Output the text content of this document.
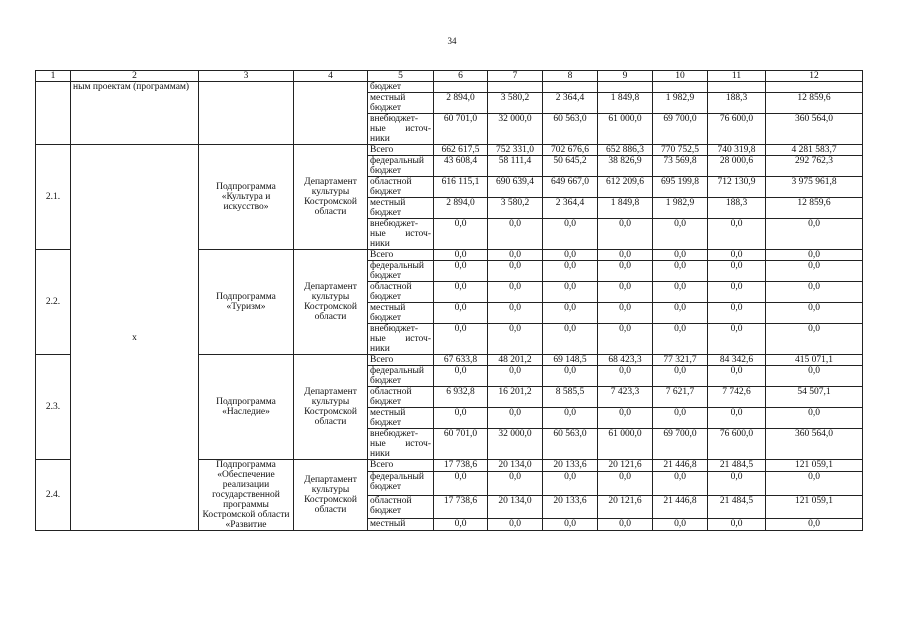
34
1	2	3	4	5	6	7	8	9	10	11	12
	ным проектам (программам)			бюджет							
				местный бюджет	2 894,0	3 580,2	2 364,4	1 849,8	1 982,9	188,3	12 859,6
				внебюджет-ные источ-ники	60 701,0	32 000,0	60 563,0	61 000,0	69 700,0	76 600,0	360 564,0
2.1.	x	Подпрограмма «Культура и искусство»	Департамент культуры Костромской области	Всего	662 617,5	752 331,0	702 676,6	652 886,3	770 752,5	740 319,8	4 281 583,7
				федеральный бюджет	43 608,4	58 111,4	50 645,2	38 826,9	73 569,8	28 000,6	292 762,3
				областной бюджет	616 115,1	690 639,4	649 667,0	612 209,6	695 199,8	712 130,9	3 975 961,8
				местный бюджет	2 894,0	3 580,2	2 364,4	1 849,8	1 982,9	188,3	12 859,6
				внебюджет-ные источ-ники	0,0	0,0	0,0	0,0	0,0	0,0	0,0
2.2.		Подпрограмма «Туризм»	Департамент культуры Костромской области	Всего	0,0	0,0	0,0	0,0	0,0	0,0	0,0
				федеральный бюджет	0,0	0,0	0,0	0,0	0,0	0,0	0,0
				областной бюджет	0,0	0,0	0,0	0,0	0,0	0,0	0,0
				местный бюджет	0,0	0,0	0,0	0,0	0,0	0,0	0,0
				внебюджет-ные источ-ники	0,0	0,0	0,0	0,0	0,0	0,0	0,0
2.3.		Подпрограмма «Наследие»	Департамент культуры Костромской области	Всего	67 633,8	48 201,2	69 148,5	68 423,3	77 321,7	84 342,6	415 071,1
				федеральный бюджет	0,0	0,0	0,0	0,0	0,0	0,0	0,0
				областной бюджет	6 932,8	16 201,2	8 585,5	7 423,3	7 621,7	7 742,6	54 507,1
				местный бюджет	0,0	0,0	0,0	0,0	0,0	0,0	0,0
				внебюджет-ные источ-ники	60 701,0	32 000,0	60 563,0	61 000,0	69 700,0	76 600,0	360 564,0
2.4.		Подпрограмма «Обеспечение реализации государственной программы Костромской области «Развитие	Департамент культуры Костромской области	Всего	17 738,6	20 134,0	20 133,6	20 121,6	21 446,8	21 484,5	121 059,1
				федеральный бюджет	0,0	0,0	0,0	0,0	0,0	0,0	0,0
				областной бюджет	17 738,6	20 134,0	20 133,6	20 121,6	21 446,8	21 484,5	121 059,1
				местный	0,0	0,0	0,0	0,0	0,0	0,0	0,0
